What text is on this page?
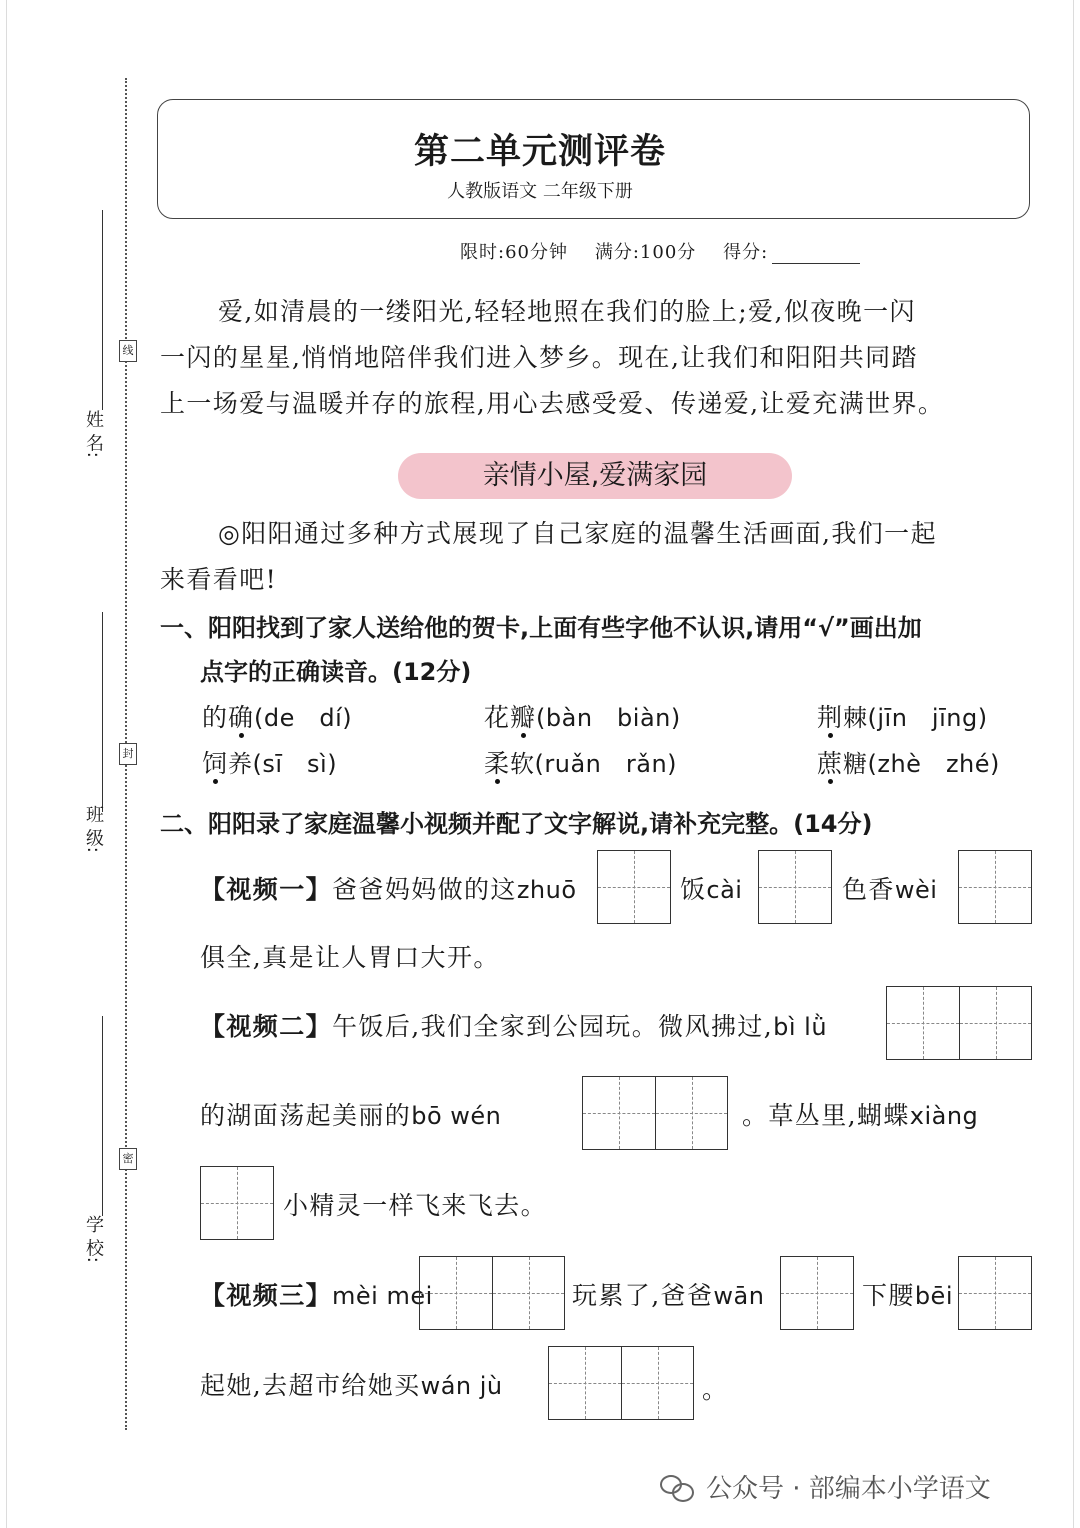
线
封
密
姓 名:
班 级:
学 校:
第二单元测评卷
人教版语文 二年级下册
限时:60分钟 满分:100分 得分:
爱,如清晨的一缕阳光,轻轻地照在我们的脸上;爱,似夜晚一闪
一闪的星星,悄悄地陪伴我们进入梦乡。现在,让我们和阳阳共同踏
上一场爱与温暖并存的旅程,用心去感受爱、传递爱,让爱充满世界。
亲情小屋,爱满家园
◎阳阳通过多种方式展现了自己家庭的温馨生活画面,我们一起
来看看吧!
一、阳阳找到了家人送给他的贺卡,上面有些字他不认识,请用“√”画出加
点字的正确读音。(12分)
的确(de　dí)	花瓣(bàn　biàn)	荆棘(jīn　jīng)
饲养(sī　sì)	柔软(ruǎn　rǎn)	蔗糖(zhè　zhé)
二、阳阳录了家庭温馨小视频并配了文字解说,请补充完整。(14分)
【视频一】爸爸妈妈做的这zhuō	饭cài	色香wèi
俱全,真是让人胃口大开。
【视频二】午饭后,我们全家到公园玩。微风拂过,bì lǜ
的湖面荡起美丽的bō wén	。草丛里,蝴蝶xiàng
小精灵一样飞来飞去。
【视频三】mèi mei	玩累了,爸爸wān	下腰bēi
起她,去超市给她买wán jù	。
公众号 · 部编本小学语文
